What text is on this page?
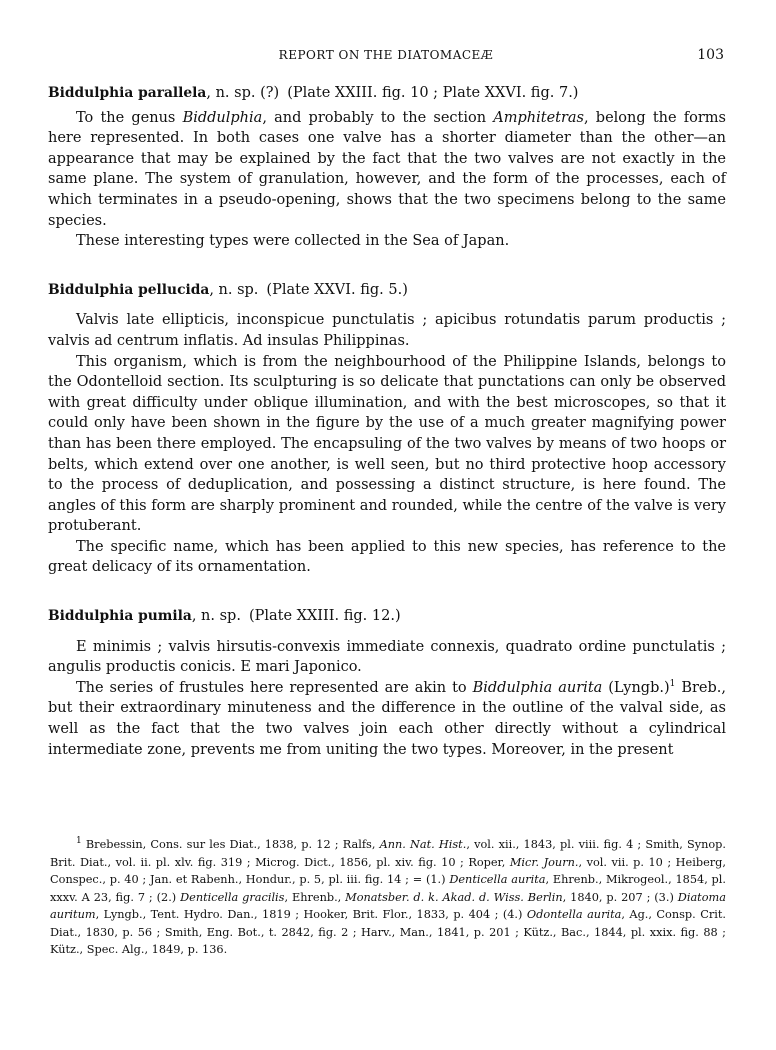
REPORT ON THE DIATOMACEÆ	103
Biddulphia parallela, n. sp. (?) (Plate XXIII. fig. 10 ; Plate XXVI. fig. 7.)

To the genus Biddulphia, and probably to the section Amphitetras, belong the forms here represented. In both cases one valve has a shorter diameter than the other—an appearance that may be explained by the fact that the two valves are not exactly in the same plane. The system of granulation, however, and the form of the processes, each of which terminates in a pseudo-opening, shows that the two specimens belong to the same species.

These interesting types were collected in the Sea of Japan.

Biddulphia pellucida, n. sp. (Plate XXVI. fig. 5.)

Valvis late ellipticis, inconspicue punctulatis ; apicibus rotundatis parum productis ; valvis ad centrum inflatis. Ad insulas Philippinas.

This organism, which is from the neighbourhood of the Philippine Islands, belongs to the Odontelloid section. Its sculpturing is so delicate that punctations can only be observed with great difficulty under oblique illumination, and with the best microscopes, so that it could only have been shown in the figure by the use of a much greater magnifying power than has been there employed. The encapsuling of the two valves by means of two hoops or belts, which extend over one another, is well seen, but no third protective hoop accessory to the process of deduplication, and possessing a distinct structure, is here found. The angles of this form are sharply prominent and rounded, while the centre of the valve is very protuberant.

The specific name, which has been applied to this new species, has reference to the great delicacy of its ornamentation.

Biddulphia pumila, n. sp. (Plate XXIII. fig. 12.)

E minimis ; valvis hirsutis-convexis immediate connexis, quadrato ordine punctulatis ; angulis productis conicis. E mari Japonico.

The series of frustules here represented are akin to Biddulphia aurita (Lyngb.)$^1$ Breb., but their extraordinary minuteness and the difference in the outline of the valval side, as well as the fact that the two valves join each other directly without a cylindrical intermediate zone, prevents me from uniting the two types. Moreover, in the present

$^1$ Brebessin, Cons. sur les Diat., 1838, p. 12 ; Ralfs, Ann. Nat. Hist., vol. xii., 1843, pl. viii. fig. 4 ; Smith, Synop. Brit. Diat., vol. ii. pl. xlv. fig. 319 ; Microg. Dict., 1856, pl. xiv. fig. 10 ; Roper, Micr. Journ., vol. vii. p. 10 ; Heiberg, Conspec., p. 40 ; Jan. et Rabenh., Hondur., p. 5, pl. iii. fig. 14 ; = (1.) Denticella aurita, Ehrenb., Mikrogeol., 1854, pl. xxxv. A 23, fig. 7 ; (2.) Denticella gracilis, Ehrenb., Monatsber. d. k. Akad. d. Wiss. Berlin, 1840, p. 207 ; (3.) Diatoma auritum, Lyngb., Tent. Hydro. Dan., 1819 ; Hooker, Brit. Flor., 1833, p. 404 ; (4.) Odontella aurita, Ag., Consp. Crit. Diat., 1830, p. 56 ; Smith, Eng. Bot., t. 2842, fig. 2 ; Harv., Man., 1841, p. 201 ; Kütz., Bac., 1844, pl. xxix. fig. 88 ; Kütz., Spec. Alg., 1849, p. 136.
